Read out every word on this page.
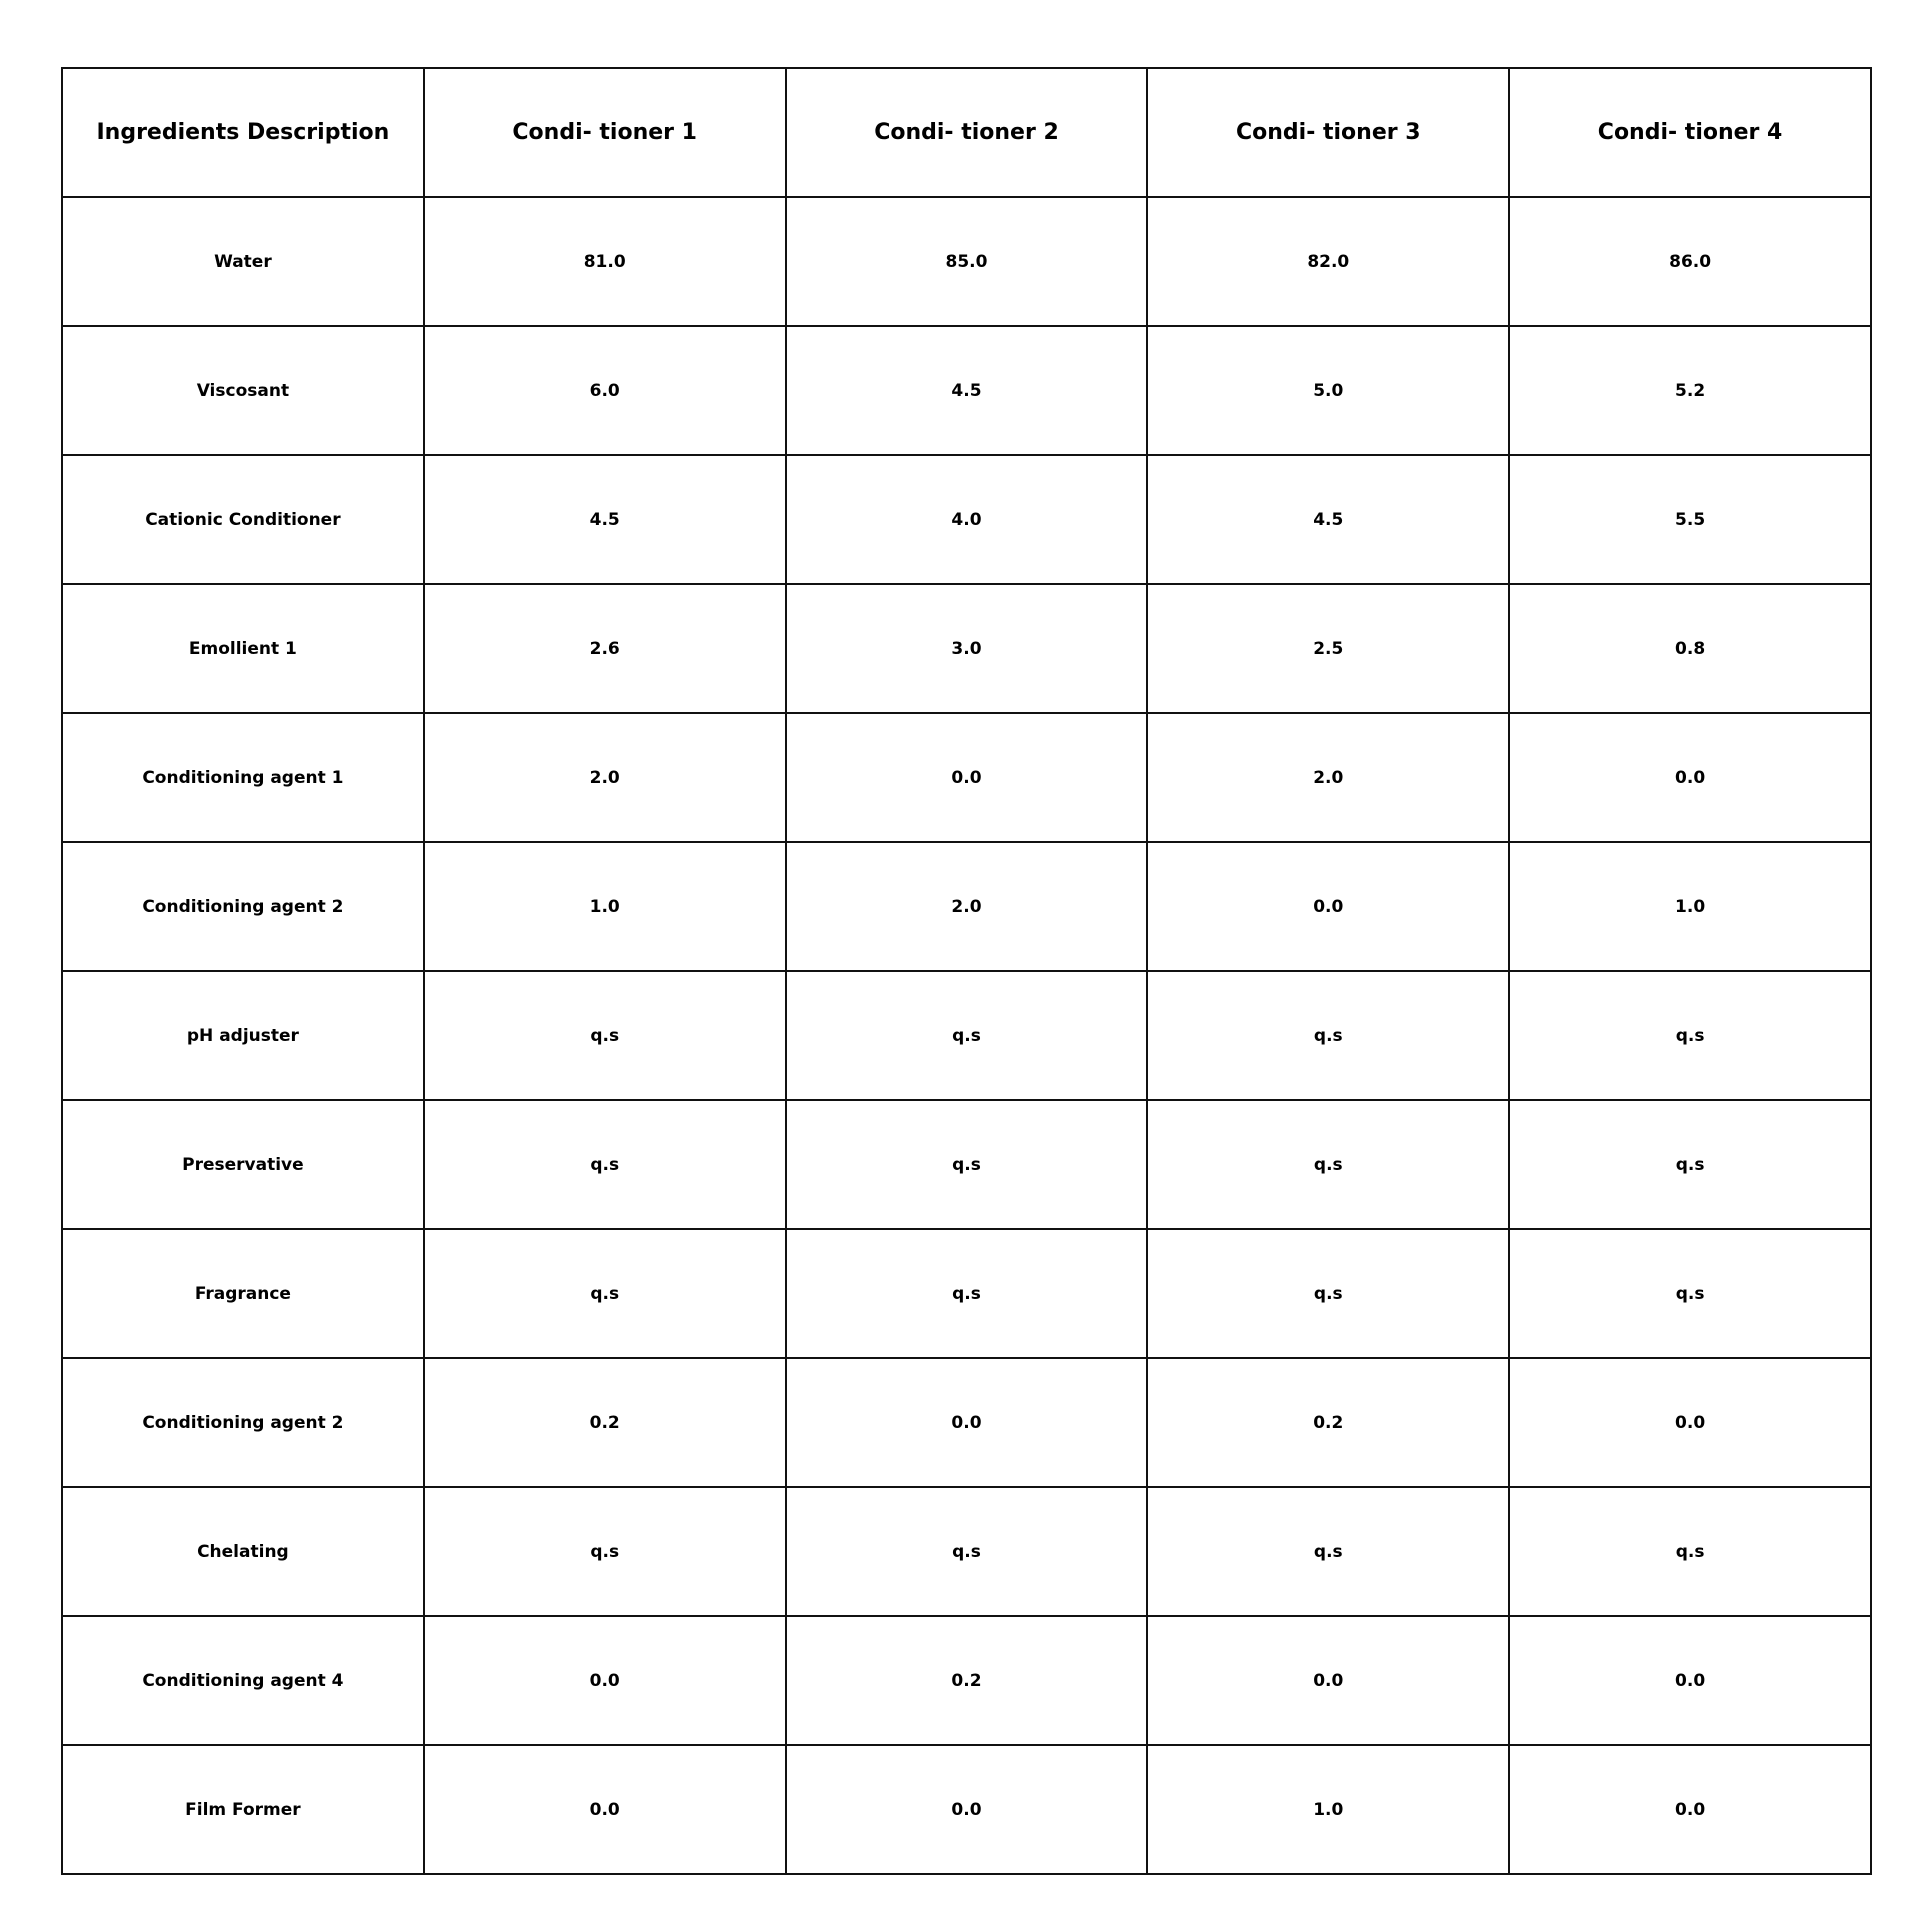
Ingredients Description	Condi- tioner 1	Condi- tioner 2	Condi- tioner 3	Condi- tioner 4
Water	81.0	85.0	82.0	86.0
Viscosant	6.0	4.5	5.0	5.2
Cationic Conditioner	4.5	4.0	4.5	5.5
Emollient 1	2.6	3.0	2.5	0.8
Conditioning agent 1	2.0	0.0	2.0	0.0
Conditioning agent 2	1.0	2.0	0.0	1.0
pH adjuster	q.s	q.s	q.s	q.s
Preservative	q.s	q.s	q.s	q.s
Fragrance	q.s	q.s	q.s	q.s
Conditioning agent 2	0.2	0.0	0.2	0.0
Chelating	q.s	q.s	q.s	q.s
Conditioning agent 4	0.0	0.2	0.0	0.0
Film Former	0.0	0.0	1.0	0.0
